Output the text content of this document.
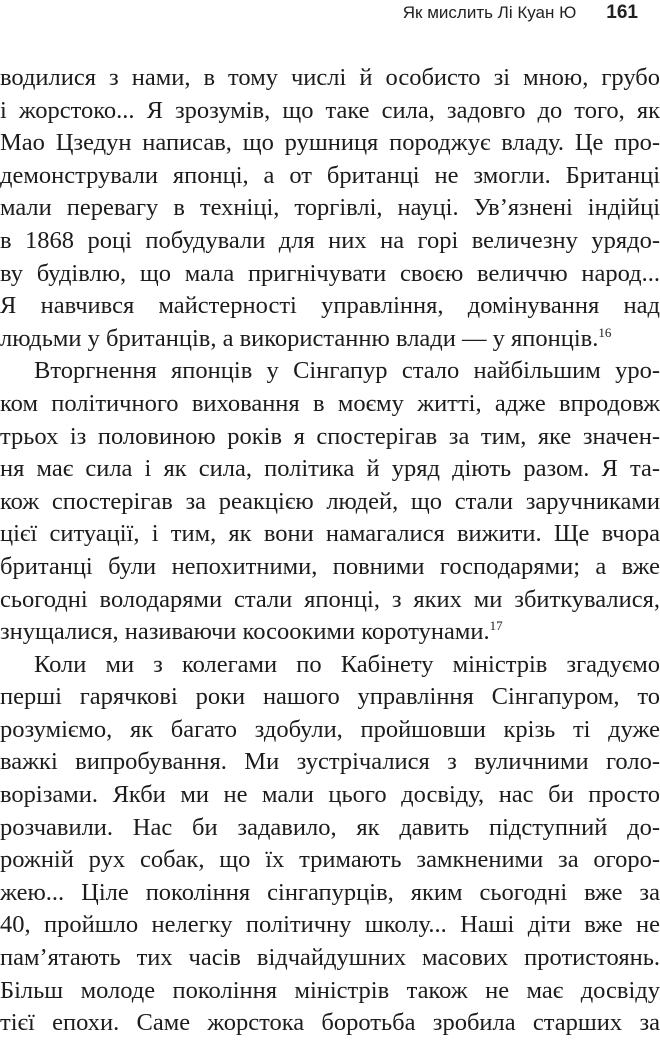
Як мислить Лі Куан Ю 161
водилися з нами, в тому числі й особисто зі мною, грубо
і жорстоко... Я зрозумів, що таке сила, задовго до того, як
Мао Цзедун написав, що рушниця породжує владу. Це про-
демонстрували японці, а от британці не змогли. Британці
мали перевагу в техніці, торгівлі, науці. Ув’язнені індійці
в 1868 році побудували для них на горі величезну урядо-
ву будівлю, що мала пригнічувати своєю величчю народ...
Я навчився майстерності управління, домінування над
людьми у британців, а використанню влади — у японців.$^{16}$
Вторгнення японців у Сінгапур стало найбільшим уро-
ком політичного виховання в моєму житті, адже впродовж
трьох із половиною років я спостерігав за тим, яке значен-
ня має сила і як сила, політика й уряд діють разом. Я та-
кож спостерігав за реакцією людей, що стали заручниками
цієї ситуації, і тим, як вони намагалися вижити. Ще вчора
британці були непохитними, повними господарями; а вже
сьогодні володарями стали японці, з яких ми збиткувалися,
знущалися, називаючи косоокими коротунами.$^{17}$
Коли ми з колегами по Кабінету міністрів згадуємо
перші гарячкові роки нашого управління Сінгапуром, то
розуміємо, як багато здобули, пройшовши крізь ті дуже
важкі випробування. Ми зустрічалися з вуличними голо-
ворізами. Якби ми не мали цього досвіду, нас би просто
розчавили. Нас би задавило, як давить підступний до-
рожній рух собак, що їх тримають замкненими за огоро-
жею... Ціле покоління сінгапурців, яким сьогодні вже за
40, пройшло нелегку політичну школу... Наші діти вже не
пам’ятають тих часів відчайдушних масових протистоянь.
Більш молоде покоління міністрів також не має досвіду
тієї епохи. Саме жорстока боротьба зробила старших за
